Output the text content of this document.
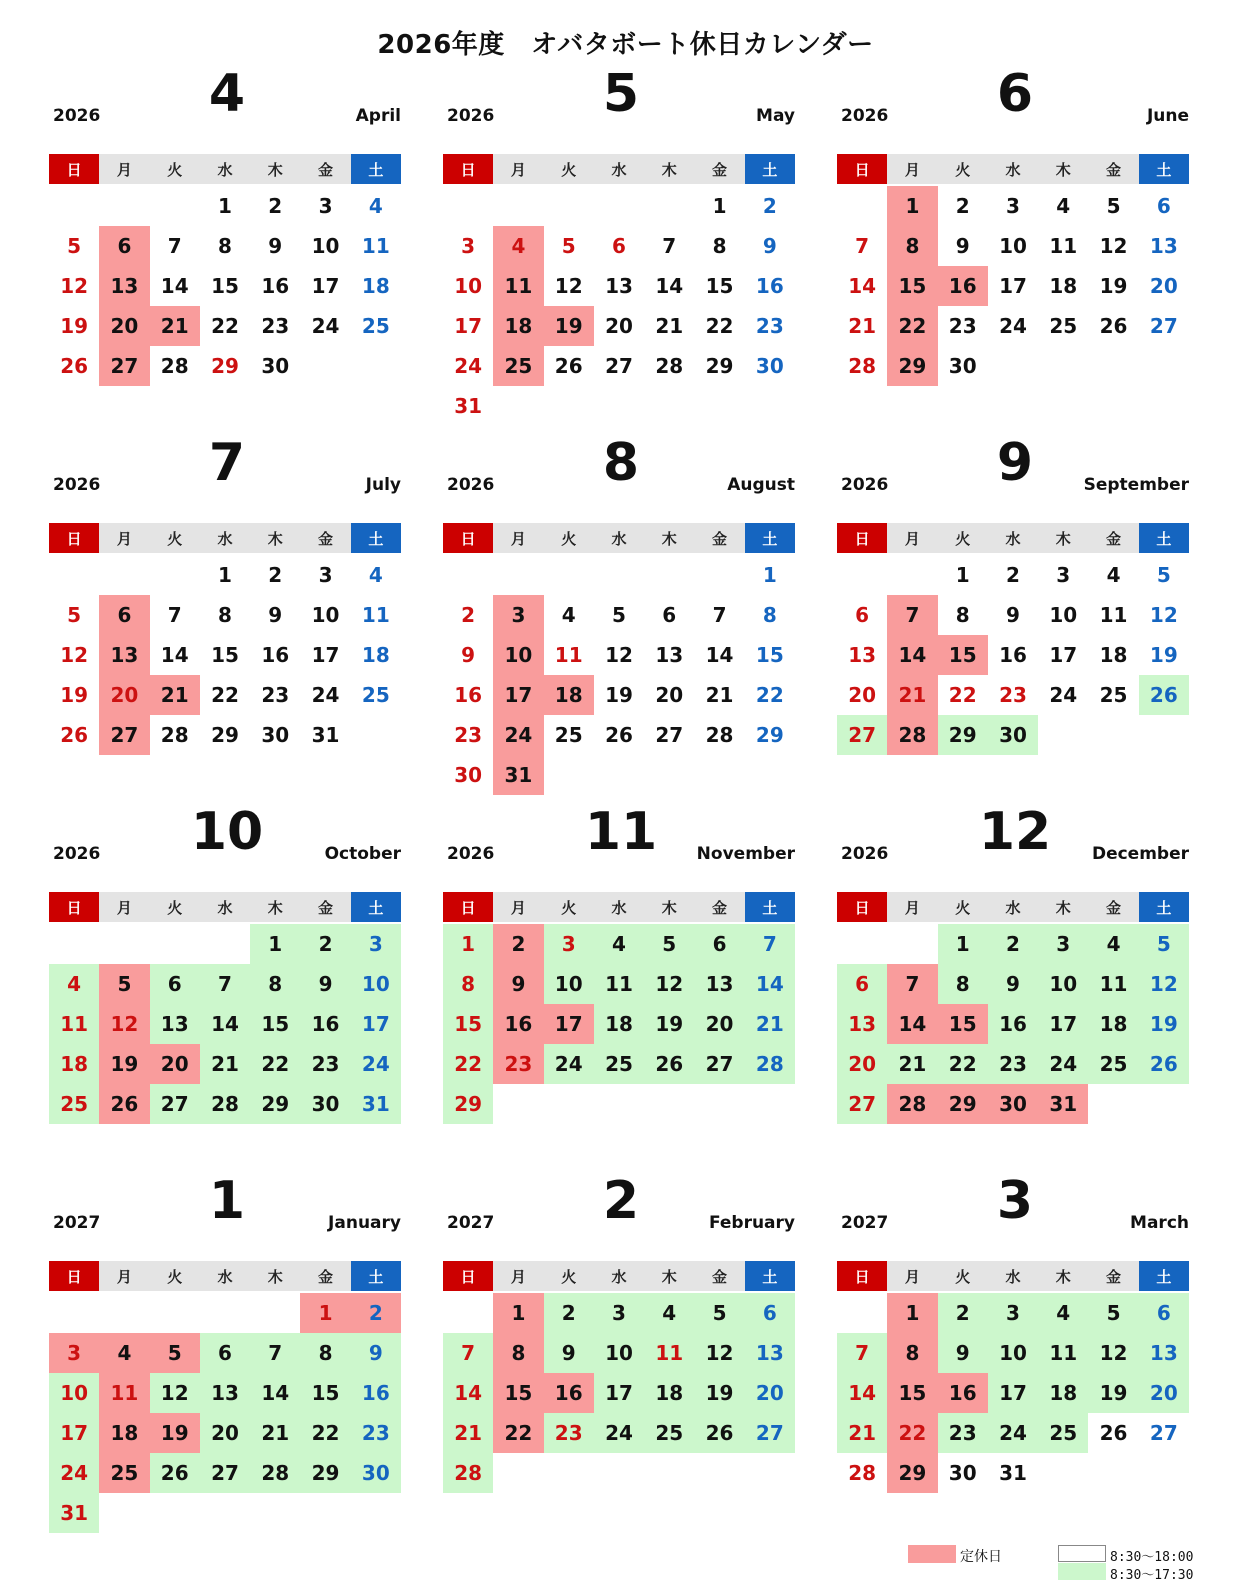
2026年度　オバタボート休日カレンダー
2026	4	April
日	月	火	水	木	金	土

			1	2	3	4
5	6	7	8	9	10	11
12	13	14	15	16	17	18
19	20	21	22	23	24	25
26	27	28	29	30		
2026	5	May
日	月	火	水	木	金	土

					1	2
3	4	5	6	7	8	9
10	11	12	13	14	15	16
17	18	19	20	21	22	23
24	25	26	27	28	29	30
31						
2026	6	June
日	月	火	水	木	金	土

	1	2	3	4	5	6
7	8	9	10	11	12	13
14	15	16	17	18	19	20
21	22	23	24	25	26	27
28	29	30				
2026	7	July
日	月	火	水	木	金	土

			1	2	3	4
5	6	7	8	9	10	11
12	13	14	15	16	17	18
19	20	21	22	23	24	25
26	27	28	29	30	31	
2026	8	August
日	月	火	水	木	金	土

						1
2	3	4	5	6	7	8
9	10	11	12	13	14	15
16	17	18	19	20	21	22
23	24	25	26	27	28	29
30	31					
2026	9	September
日	月	火	水	木	金	土

		1	2	3	4	5
6	7	8	9	10	11	12
13	14	15	16	17	18	19
20	21	22	23	24	25	26
27	28	29	30			
2026	10	October
日	月	火	水	木	金	土

				1	2	3
4	5	6	7	8	9	10
11	12	13	14	15	16	17
18	19	20	21	22	23	24
25	26	27	28	29	30	31
2026	11	November
日	月	火	水	木	金	土

1	2	3	4	5	6	7
8	9	10	11	12	13	14
15	16	17	18	19	20	21
22	23	24	25	26	27	28
29						
2026	12	December
日	月	火	水	木	金	土

		1	2	3	4	5
6	7	8	9	10	11	12
13	14	15	16	17	18	19
20	21	22	23	24	25	26
27	28	29	30	31		
2027	1	January
日	月	火	水	木	金	土

					1	2
3	4	5	6	7	8	9
10	11	12	13	14	15	16
17	18	19	20	21	22	23
24	25	26	27	28	29	30
31						
2027	2	February
日	月	火	水	木	金	土

	1	2	3	4	5	6
7	8	9	10	11	12	13
14	15	16	17	18	19	20
21	22	23	24	25	26	27
28						
2027	3	March
日	月	火	水	木	金	土

	1	2	3	4	5	6
7	8	9	10	11	12	13
14	15	16	17	18	19	20
21	22	23	24	25	26	27
28	29	30	31			
定休日	8:30〜18:00
8:30〜17:30
